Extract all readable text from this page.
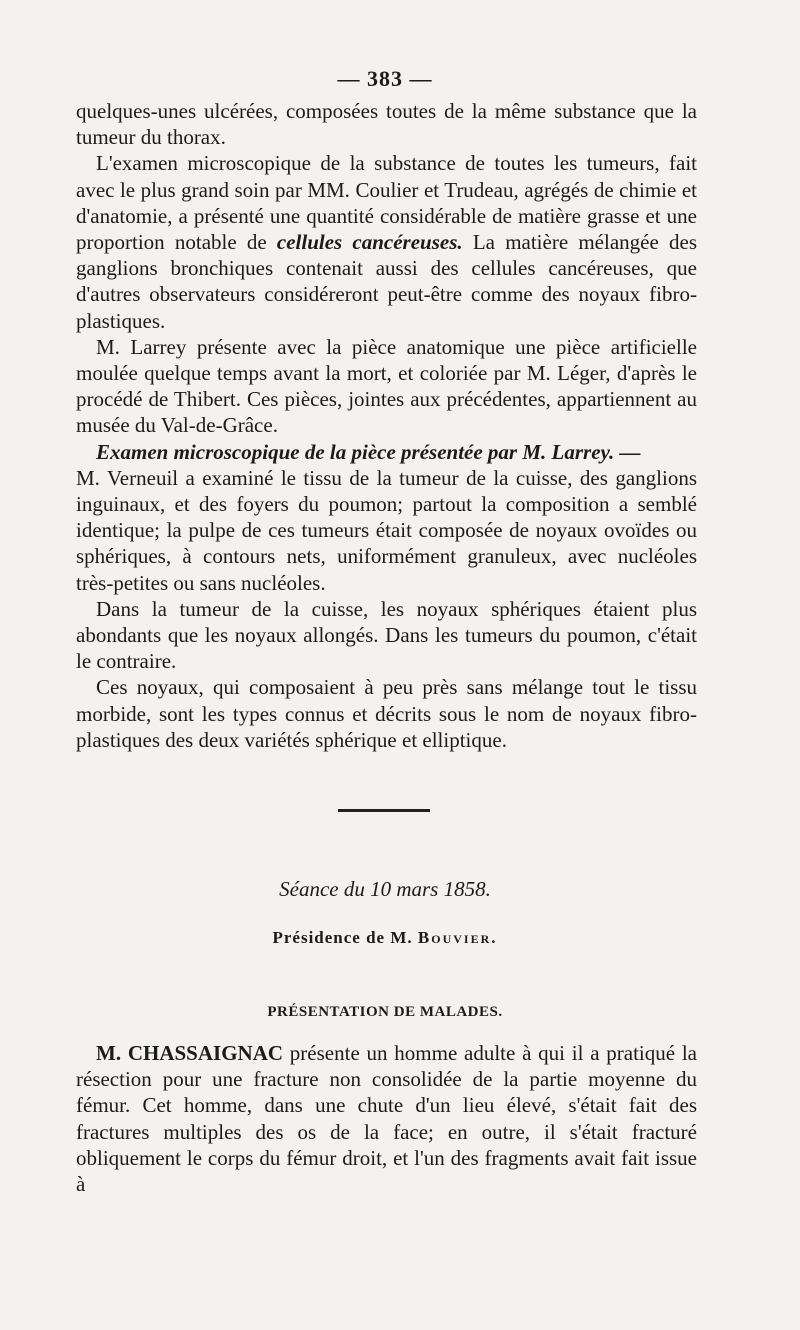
— 383 —

quelques-unes ulcérées, composées toutes de la même substance que la tumeur du thorax.

L'examen microscopique de la substance de toutes les tumeurs, fait avec le plus grand soin par MM. Coulier et Trudeau, agrégés de chimie et d'anatomie, a présenté une quantité considérable de matière grasse et une proportion notable de cellules cancéreuses. La matière mélangée des ganglions bronchiques contenait aussi des cellules cancéreuses, que d'autres observateurs considéreront peut-être comme des noyaux fibro-plastiques.

M. Larrey présente avec la pièce anatomique une pièce artificielle moulée quelque temps avant la mort, et coloriée par M. Léger, d'après le procédé de Thibert. Ces pièces, jointes aux précédentes, appartiennent au musée du Val-de-Grâce.

Examen microscopique de la pièce présentée par M. Larrey. —

M. Verneuil a examiné le tissu de la tumeur de la cuisse, des ganglions inguinaux, et des foyers du poumon; partout la composition a semblé identique; la pulpe de ces tumeurs était composée de noyaux ovoïdes ou sphériques, à contours nets, uniformément granuleux, avec nucléoles très-petites ou sans nucléoles.

Dans la tumeur de la cuisse, les noyaux sphériques étaient plus abondants que les noyaux allongés. Dans les tumeurs du poumon, c'était le contraire.

Ces noyaux, qui composaient à peu près sans mélange tout le tissu morbide, sont les types connus et décrits sous le nom de noyaux fibro-plastiques des deux variétés sphérique et elliptique.

Séance du 10 mars 1858.
Présidence de M. Bouvier.
PRÉSENTATION DE MALADES.

M. CHASSAIGNAC présente un homme adulte à qui il a pratiqué la résection pour une fracture non consolidée de la partie moyenne du fémur. Cet homme, dans une chute d'un lieu élevé, s'était fait des fractures multiples des os de la face; en outre, il s'était fracturé obliquement le corps du fémur droit, et l'un des fragments avait fait issue à
